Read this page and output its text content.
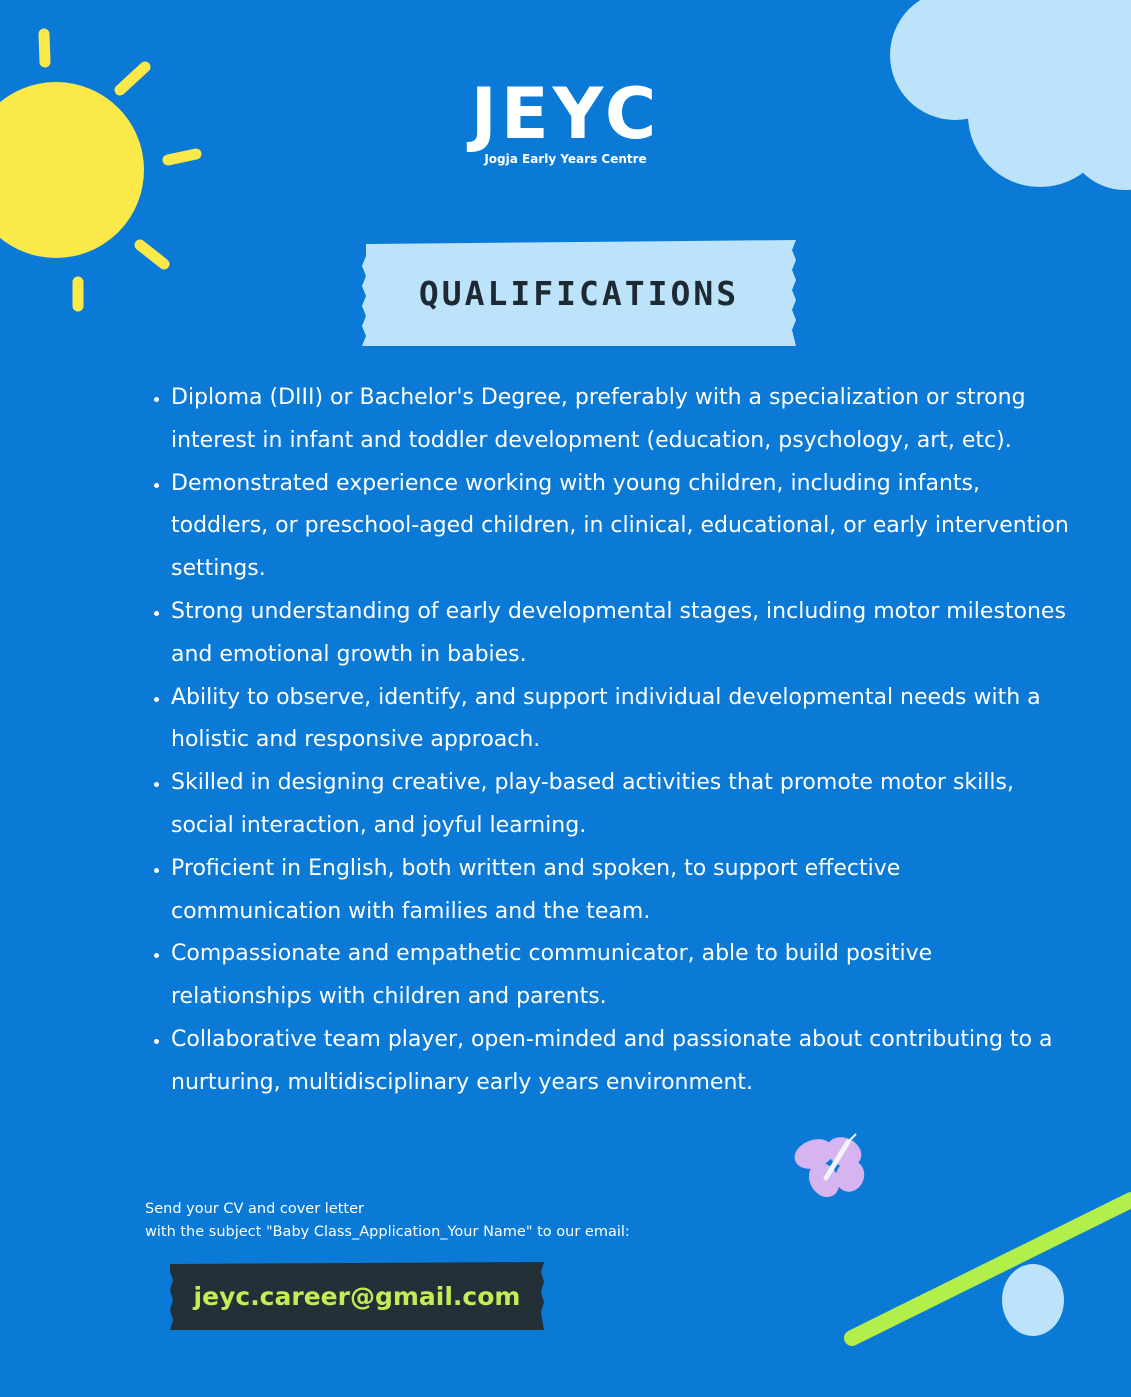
JEYC
Jogja Early Years Centre
QUALIFICATIONS
• Diploma (DIII) or Bachelor's Degree, preferably with a specialization or strong interest in infant and toddler development (education, psychology, art, etc).
• Demonstrated experience working with young children, including infants, toddlers, or preschool-aged children, in clinical, educational, or early intervention settings.
• Strong understanding of early developmental stages, including motor milestones and emotional growth in babies.
• Ability to observe, identify, and support individual developmental needs with a holistic and responsive approach.
• Skilled in designing creative, play-based activities that promote motor skills, social interaction, and joyful learning.
• Proficient in English, both written and spoken, to support effective communication with families and the team.
• Compassionate and empathetic communicator, able to build positive relationships with children and parents.
• Collaborative team player, open-minded and passionate about contributing to a nurturing, multidisciplinary early years environment.
Send your CV and cover letter
with the subject "Baby Class_Application_Your Name" to our email:
jeyc.career@gmail.com
